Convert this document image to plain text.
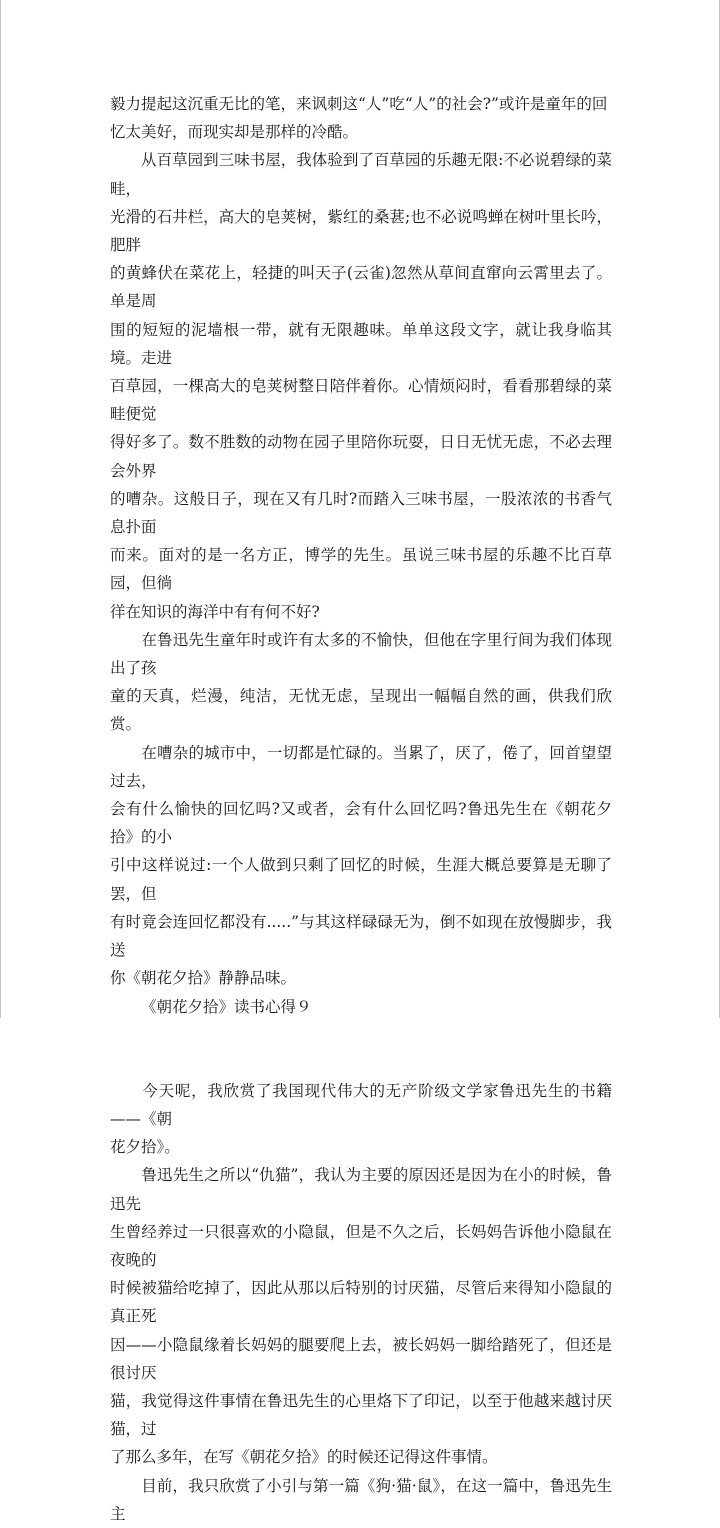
毅力提起这沉重无比的笔，来讽刺这“人”吃“人”的社会?”或许是童年的回
忆太美好，而现实却是那样的冷酷。

　　从百草园到三味书屋，我体验到了百草园的乐趣无限:不必说碧绿的菜畦，
光滑的石井栏，高大的皂荚树，紫红的桑葚;也不必说鸣蝉在树叶里长吟，肥胖
的黄蜂伏在菜花上，轻捷的叫天子(云雀)忽然从草间直窜向云霄里去了。单是周
围的短短的泥墙根一带，就有无限趣味。单单这段文字，就让我身临其境。走进
百草园，一棵高大的皂荚树整日陪伴着你。心情烦闷时，看看那碧绿的菜畦便觉
得好多了。数不胜数的动物在园子里陪你玩耍，日日无忧无虑，不必去理会外界
的嘈杂。这般日子，现在又有几时?而踏入三味书屋，一股浓浓的书香气息扑面
而来。面对的是一名方正，博学的先生。虽说三味书屋的乐趣不比百草园，但徜
徉在知识的海洋中有有何不好?

　　在鲁迅先生童年时或许有太多的不愉快，但他在字里行间为我们体现出了孩
童的天真，烂漫，纯洁，无忧无虑，呈现出一幅幅自然的画，供我们欣赏。

　　在嘈杂的城市中，一切都是忙碌的。当累了，厌了，倦了，回首望望过去，
会有什么愉快的回忆吗?又或者，会有什么回忆吗?鲁迅先生在《朝花夕拾》的小
引中这样说过:一个人做到只剩了回忆的时候，生涯大概总要算是无聊了罢，但
有时竟会连回忆都没有.....”与其这样碌碌无为，倒不如现在放慢脚步，我送
你《朝花夕拾》静静品味。

《朝花夕拾》读书心得９

　　今天呢，我欣赏了我国现代伟大的无产阶级文学家鲁迅先生的书籍——《朝
花夕拾》。

　　鲁迅先生之所以“仇猫”，我认为主要的原因还是因为在小的时候，鲁迅先
生曾经养过一只很喜欢的小隐鼠，但是不久之后，长妈妈告诉他小隐鼠在夜晚的
时候被猫给吃掉了，因此从那以后特别的讨厌猫，尽管后来得知小隐鼠的真正死
因——小隐鼠缘着长妈妈的腿要爬上去，被长妈妈一脚给踏死了，但还是很讨厌
猫，我觉得这件事情在鲁迅先生的心里烙下了印记，以至于他越来越讨厌猫，过
了那么多年，在写《朝花夕拾》的时候还记得这件事情。

　　目前，我只欣赏了小引与第一篇《狗·猫·鼠》，在这一篇中，鲁迅先生主
